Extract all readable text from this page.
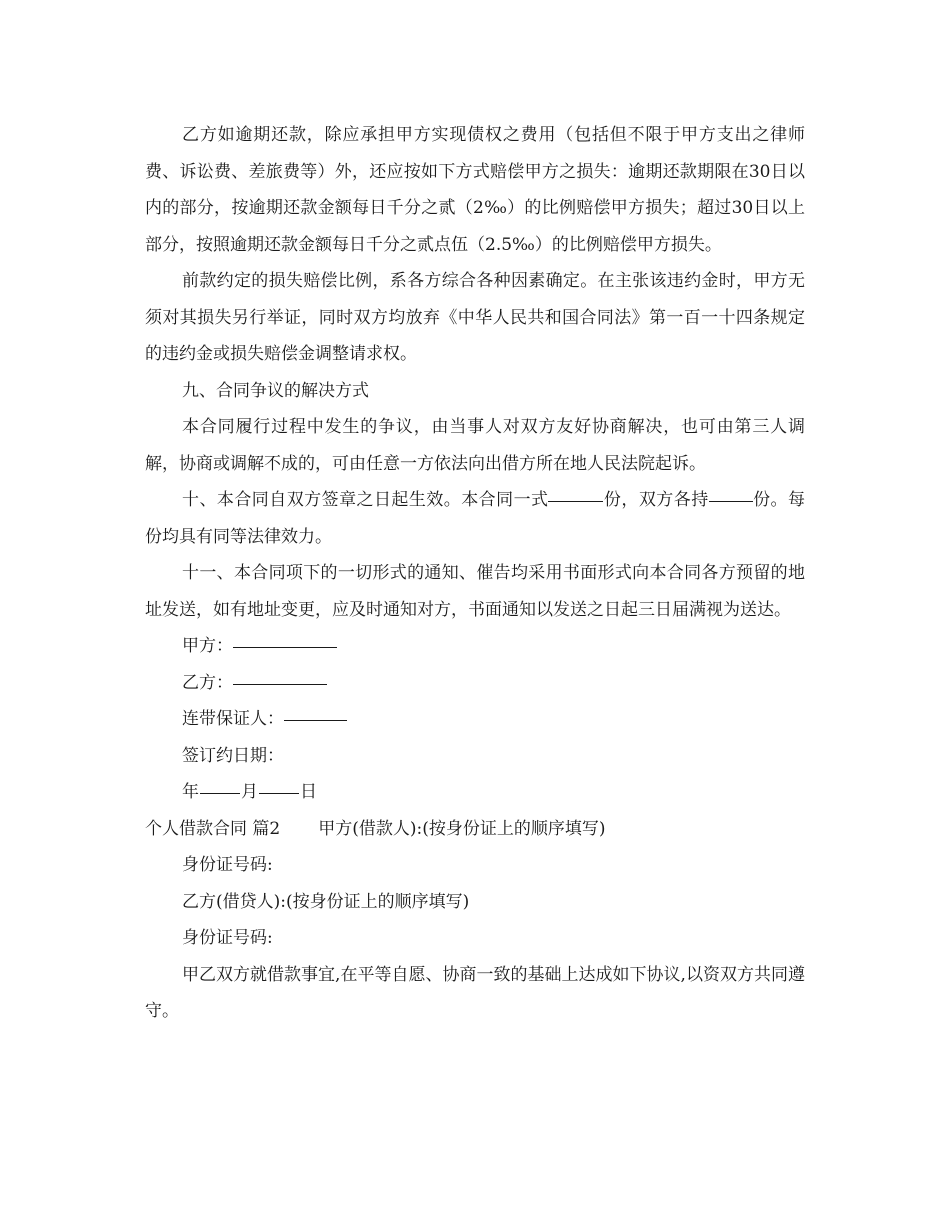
乙方如逾期还款，除应承担甲方实现债权之费用（包括但不限于甲方支出之律师费、诉讼费、差旅费等）外，还应按如下方式赔偿甲方之损失：逾期还款期限在30日以内的部分，按逾期还款金额每日千分之贰（2‰）的比例赔偿甲方损失；超过30日以上部分，按照逾期还款金额每日千分之贰点伍（2.5‰）的比例赔偿甲方损失。

前款约定的损失赔偿比例，系各方综合各种因素确定。在主张该违约金时，甲方无须对其损失另行举证，同时双方均放弃《中华人民共和国合同法》第一百一十四条规定的违约金或损失赔偿金调整请求权。

九、合同争议的解决方式

本合同履行过程中发生的争议，由当事人对双方友好协商解决，也可由第三人调解，协商或调解不成的，可由任意一方依法向出借方所在地人民法院起诉。

十、本合同自双方签章之日起生效。本合同一式	份，双方各持	份。每份均具有同等法律效力。

十一、本合同项下的一切形式的通知、催告均采用书面形式向本合同各方预留的地址发送，如有地址变更，应及时通知对方，书面通知以发送之日起三日届满视为送达。

甲方：

乙方：

连带保证人：

签订约日期：

年 月 日

个人借款合同 篇2 甲方(借款人):(按身份证上的顺序填写)

身份证号码:

乙方(借贷人):(按身份证上的顺序填写)

身份证号码:

甲乙双方就借款事宜,在平等自愿、协商一致的基础上达成如下协议,以资双方共同遵守。
